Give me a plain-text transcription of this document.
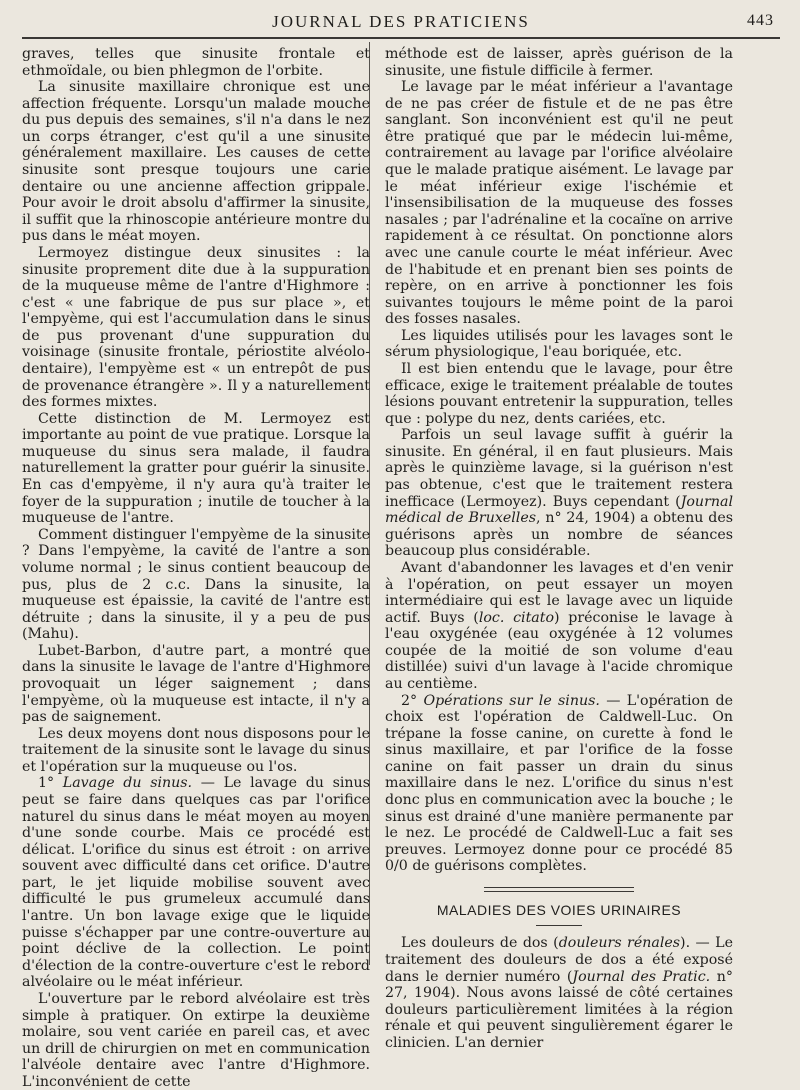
JOURNAL DES PRATICIENS	443

graves, telles que sinusite frontale et ethmoïdale, ou bien phlegmon de l'orbite.

La sinusite maxillaire chronique est une affection fréquente. Lorsqu'un malade mouche du pus depuis des semaines, s'il n'a dans le nez un corps étranger, c'est qu'il a une sinusite généralement maxillaire. Les causes de cette sinusite sont presque toujours une carie dentaire ou une ancienne affection grippale. Pour avoir le droit absolu d'affirmer la sinusite, il suffit que la rhinoscopie antérieure montre du pus dans le méat moyen.

Lermoyez distingue deux sinusites : la sinusite proprement dite due à la suppuration de la muqueuse même de l'antre d'Highmore : c'est « une fabrique de pus sur place », et l'empyème, qui est l'accumulation dans le sinus de pus provenant d'une suppuration du voisinage (sinusite frontale, périostite alvéolo-dentaire), l'empyème est « un entrepôt de pus de provenance étrangère ». Il y a naturellement des formes mixtes.

Cette distinction de M. Lermoyez est importante au point de vue pratique. Lorsque la muqueuse du sinus sera malade, il faudra naturellement la gratter pour guérir la sinusite. En cas d'empyème, il n'y aura qu'à traiter le foyer de la suppuration ; inutile de toucher à la muqueuse de l'antre.

Comment distinguer l'empyème de la sinusite ? Dans l'empyème, la cavité de l'antre a son volume normal ; le sinus contient beaucoup de pus, plus de 2 c.c. Dans la sinusite, la muqueuse est épaissie, la cavité de l'antre est détruite ; dans la sinusite, il y a peu de pus (Mahu).

Lubet-Barbon, d'autre part, a montré que dans la sinusite le lavage de l'antre d'Highmore provoquait un léger saignement ; dans l'empyème, où la muqueuse est intacte, il n'y a pas de saignement.

Les deux moyens dont nous disposons pour le traitement de la sinusite sont le lavage du sinus et l'opération sur la muqueuse ou l'os.

1° Lavage du sinus. — Le lavage du sinus peut se faire dans quelques cas par l'orifice naturel du sinus dans le méat moyen au moyen d'une sonde courbe. Mais ce procédé est délicat. L'orifice du sinus est étroit : on arrive souvent avec difficulté dans cet orifice. D'autre part, le jet liquide mobilise souvent avec difficulté le pus grumeleux accumulé dans l'antre. Un bon lavage exige que le liquide puisse s'échapper par une contre-ouverture au point déclive de la collection. Le point d'élection de la contre-ouverture c'est le rebord alvéolaire ou le méat inférieur.

L'ouverture par le rebord alvéolaire est très simple à pratiquer. On extirpe la deuxième molaire, sou vent cariée en pareil cas, et avec un drill de chirurgien on met en communication l'alvéole dentaire avec l'antre d'Highmore. L'inconvénient de cette

méthode est de laisser, après guérison de la sinusite, une fistule difficile à fermer.

Le lavage par le méat inférieur a l'avantage de ne pas créer de fistule et de ne pas être sanglant. Son inconvénient est qu'il ne peut être pratiqué que par le médecin lui-même, contrairement au lavage par l'orifice alvéolaire que le malade pratique aisément. Le lavage par le méat inférieur exige l'ischémie et l'insensibilisation de la muqueuse des fosses nasales ; par l'adrénaline et la cocaïne on arrive rapidement à ce résultat. On ponctionne alors avec une canule courte le méat inférieur. Avec de l'habitude et en prenant bien ses points de repère, on en arrive à ponctionner les fois suivantes toujours le même point de la paroi des fosses nasales.

Les liquides utilisés pour les lavages sont le sérum physiologique, l'eau boriquée, etc.

Il est bien entendu que le lavage, pour être efficace, exige le traitement préalable de toutes lésions pouvant entretenir la suppuration, telles que : polype du nez, dents cariées, etc.

Parfois un seul lavage suffit à guérir la sinusite. En général, il en faut plusieurs. Mais après le quinzième lavage, si la guérison n'est pas obtenue, c'est que le traitement restera inefficace (Lermoyez). Buys cependant (Journal médical de Bruxelles, n° 24, 1904) a obtenu des guérisons après un nombre de séances beaucoup plus considérable.

Avant d'abandonner les lavages et d'en venir à l'opération, on peut essayer un moyen intermédiaire qui est le lavage avec un liquide actif. Buys (loc. citato) préconise le lavage à l'eau oxygénée (eau oxygénée à 12 volumes coupée de la moitié de son volume d'eau distillée) suivi d'un lavage à l'acide chromique au centième.

2° Opérations sur le sinus. — L'opération de choix est l'opération de Caldwell-Luc. On trépane la fosse canine, on curette à fond le sinus maxillaire, et par l'orifice de la fosse canine on fait passer un drain du sinus maxillaire dans le nez. L'orifice du sinus n'est donc plus en communication avec la bouche ; le sinus est drainé d'une manière permanente par le nez. Le procédé de Caldwell-Luc a fait ses preuves. Lermoyez donne pour ce procédé 85 0/0 de guérisons complètes.

MALADIES DES VOIES URINAIRES

Les douleurs de dos (douleurs rénales). — Le traitement des douleurs de dos a été exposé dans le dernier numéro (Journal des Pratic. n° 27, 1904). Nous avons laissé de côté certaines douleurs particulièrement limitées à la région rénale et qui peuvent singulièrement égarer le clinicien. L'an dernier
